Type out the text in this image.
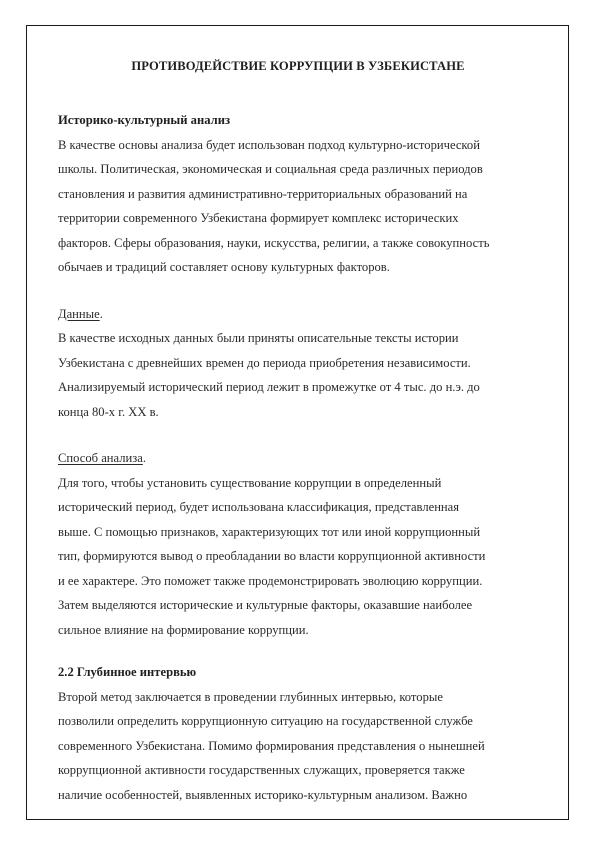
ПРОТИВОДЕЙСТВИЕ КОРРУПЦИИ В УЗБЕКИСТАНЕ

Историко-культурный анализ

В качестве основы анализа будет использован подход культурно-исторической
школы. Политическая, экономическая и социальная среда различных периодов
становления и развития административно-территориальных образований на
территории современного Узбекистана формирует комплекс исторических
факторов. Сферы образования, науки, искусства, религии, а также совокупность
обычаев и традиций составляет основу культурных факторов.

Данные.

В качестве исходных данных были приняты описательные тексты истории
Узбекистана с древнейших времен до периода приобретения независимости.
Анализируемый исторический период лежит в промежутке от 4 тыс. до н.э. до
конца 80-х г. XX в.

Способ анализа.

Для того, чтобы установить существование коррупции в определенный
исторический период, будет использована классификация, представленная
выше. С помощью признаков, характеризующих тот или иной коррупционный
тип, формируются вывод о преобладании во власти коррупционной активности
и ее характере. Это поможет также продемонстрировать эволюцию коррупции.
Затем выделяются исторические и культурные факторы, оказавшие наиболее
сильное влияние на формирование коррупции.

2.2 Глубинное интервью

Второй метод заключается в проведении глубинных интервью, которые
позволили определить коррупционную ситуацию на государственной службе
современного Узбекистана. Помимо формирования представления о нынешней
коррупционной активности государственных служащих, проверяется также
наличие особенностей, выявленных историко-культурным анализом. Важно
